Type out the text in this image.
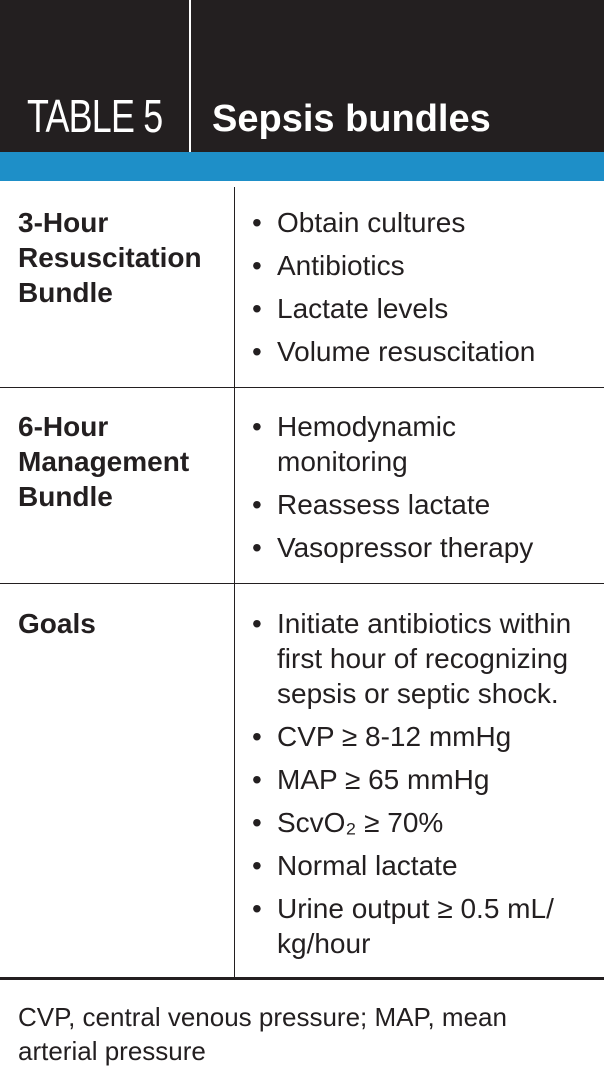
TABLE 5 Sepsis bundles
3-Hour
Resuscitation
Bundle
• Obtain cultures
• Antibiotics
• Lactate levels
• Volume resuscitation
6-Hour
Management
Bundle
• Hemodynamic
monitoring
• Reassess lactate
• Vasopressor therapy
Goals	• Initiate antibiotics within
first hour of recognizing
sepsis or septic shock.
• CVP ≥ 8-12 mmHg
• MAP ≥ 65 mmHg
• ScvO₂ ≥ 70%
• Normal lactate
• Urine output ≥ 0.5 mL/
kg/hour
CVP, central venous pressure; MAP, mean
arterial pressure
